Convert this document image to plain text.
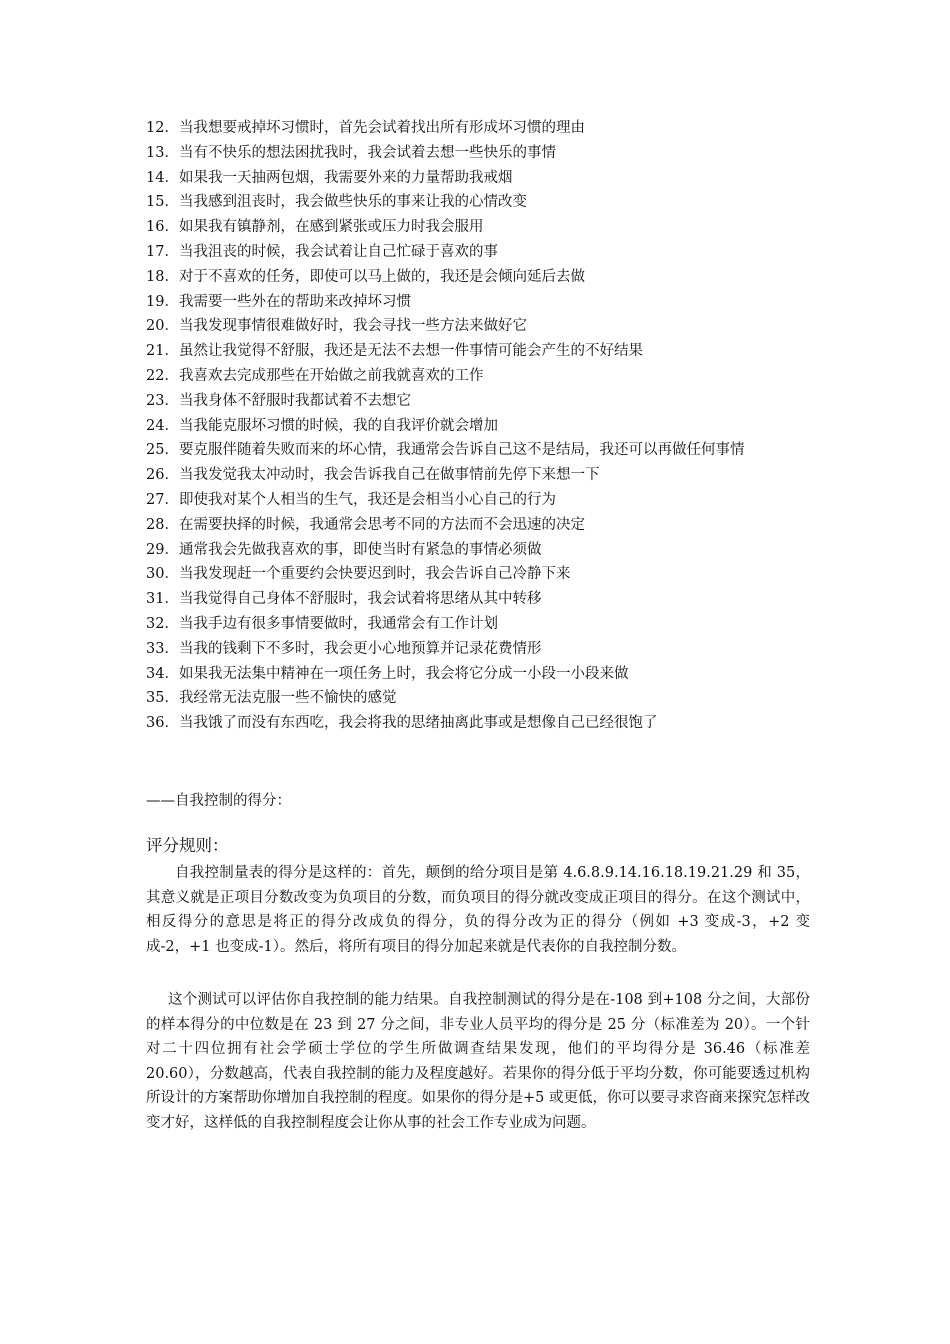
12． 当我想要戒掉坏习惯时，首先会试着找出所有形成坏习惯的理由
13． 当有不快乐的想法困扰我时，我会试着去想一些快乐的事情
14． 如果我一天抽两包烟，我需要外来的力量帮助我戒烟
15． 当我感到沮丧时，我会做些快乐的事来让我的心情改变
16． 如果我有镇静剂，在感到紧张或压力时我会服用
17． 当我沮丧的时候，我会试着让自己忙碌于喜欢的事
18． 对于不喜欢的任务，即使可以马上做的，我还是会倾向延后去做
19． 我需要一些外在的帮助来改掉坏习惯
20． 当我发现事情很难做好时，我会寻找一些方法来做好它
21． 虽然让我觉得不舒服，我还是无法不去想一件事情可能会产生的不好结果
22． 我喜欢去完成那些在开始做之前我就喜欢的工作
23． 当我身体不舒服时我都试着不去想它
24． 当我能克服坏习惯的时候，我的自我评价就会增加
25． 要克服伴随着失败而来的坏心情，我通常会告诉自己这不是结局，我还可以再做任何事情
26． 当我发觉我太冲动时，我会告诉我自己在做事情前先停下来想一下
27． 即使我对某个人相当的生气，我还是会相当小心自己的行为
28． 在需要抉择的时候，我通常会思考不同的方法而不会迅速的决定
29． 通常我会先做我喜欢的事，即使当时有紧急的事情必须做
30． 当我发现赶一个重要约会快要迟到时，我会告诉自己冷静下来
31． 当我觉得自己身体不舒服时，我会试着将思绪从其中转移
32． 当我手边有很多事情要做时，我通常会有工作计划
33． 当我的钱剩下不多时，我会更小心地预算并记录花费情形
34． 如果我无法集中精神在一项任务上时，我会将它分成一小段一小段来做
35． 我经常无法克服一些不愉快的感觉
36． 当我饿了而没有东西吃，我会将我的思绪抽离此事或是想像自己已经很饱了
——自我控制的得分：
评分规则：

自我控制量表的得分是这样的：首先，颠倒的给分项目是第 4.6.8.9.14.16.18.19.21.29 和 35，其意义就是正项目分数改变为负项目的分数，而负项目的得分就改变成正项目的得分。在这个测试中，相反得分的意思是将正的得分改成负的得分，负的得分改为正的得分（例如 +3 变成-3，+2 变成-2，+1 也变成-1）。然后，将所有项目的得分加起来就是代表你的自我控制分数。

这个测试可以评估你自我控制的能力结果。自我控制测试的得分是在-108 到+108 分之间，大部份的样本得分的中位数是在 23 到 27 分之间，非专业人员平均的得分是 25 分（标准差为 20）。一个针对二十四位拥有社会学硕士学位的学生所做调查结果发现，他们的平均得分是 36.46（标准差 20.60），分数越高，代表自我控制的能力及程度越好。若果你的得分低于平均分数，你可能要透过机构所设计的方案帮助你增加自我控制的程度。如果你的得分是+5 或更低，你可以要寻求咨商来探究怎样改变才好，这样低的自我控制程度会让你从事的社会工作专业成为问题。
